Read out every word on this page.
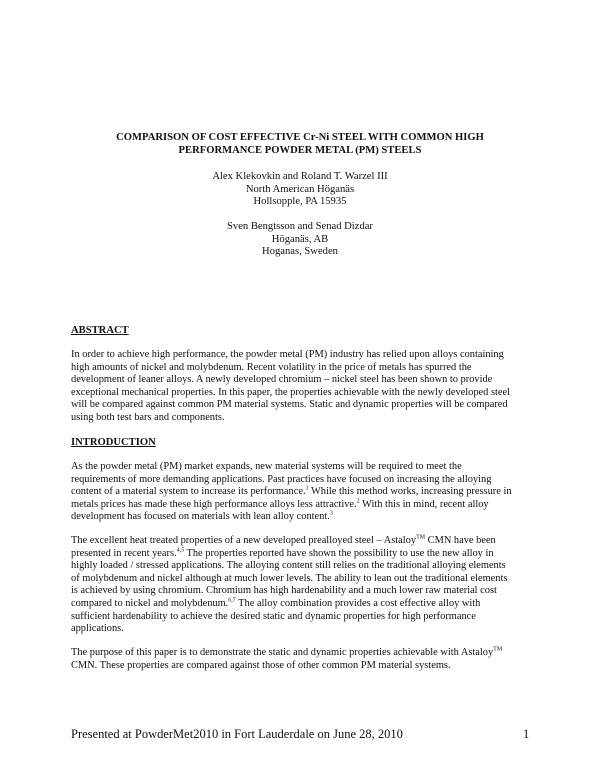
COMPARISON OF COST EFFECTIVE Cr-Ni STEEL WITH COMMON HIGH
PERFORMANCE POWDER METAL (PM) STEELS
Alex Klekovkin and Roland T. Warzel III
North American Höganäs
Hollsopple, PA 15935
Sven Bengtsson and Senad Dizdar
Höganäs, AB
Hoganas, Sweden
ABSTRACT
In order to achieve high performance, the powder metal (PM) industry has relied upon alloys containing
high amounts of nickel and molybdenum. Recent volatility in the price of metals has spurred the
development of leaner alloys. A newly developed chromium – nickel steel has been shown to provide
exceptional mechanical properties. In this paper, the properties achievable with the newly developed steel
will be compared against common PM material systems. Static and dynamic properties will be compared
using both test bars and components.
INTRODUCTION
As the powder metal (PM) market expands, new material systems will be required to meet the
requirements of more demanding applications. Past practices have focused on increasing the alloying
content of a material system to increase its performance.$^1$ While this method works, increasing pressure in
metals prices has made these high performance alloys less attractive.$^2$ With this in mind, recent alloy
development has focused on materials with lean alloy content.$^3$
The excellent heat treated properties of a new developed prealloyed steel – Astaloy™ CMN have been
presented in recent years.$^{4,5}$ The properties reported have shown the possibility to use the new alloy in
highly loaded / stressed applications. The alloying content still relies on the traditional alloying elements
of molybdenum and nickel although at much lower levels. The ability to lean out the traditional elements
is achieved by using chromium. Chromium has high hardenability and a much lower raw material cost
compared to nickel and molybdenum.$^{6,7}$ The alloy combination provides a cost effective alloy with
sufficient hardenability to achieve the desired static and dynamic properties for high performance
applications.
The purpose of this paper is to demonstrate the static and dynamic properties achievable with Astaloy™
CMN. These properties are compared against those of other common PM material systems.
Presented at PowderMet2010 in Fort Lauderdale on June 28, 2010	1
